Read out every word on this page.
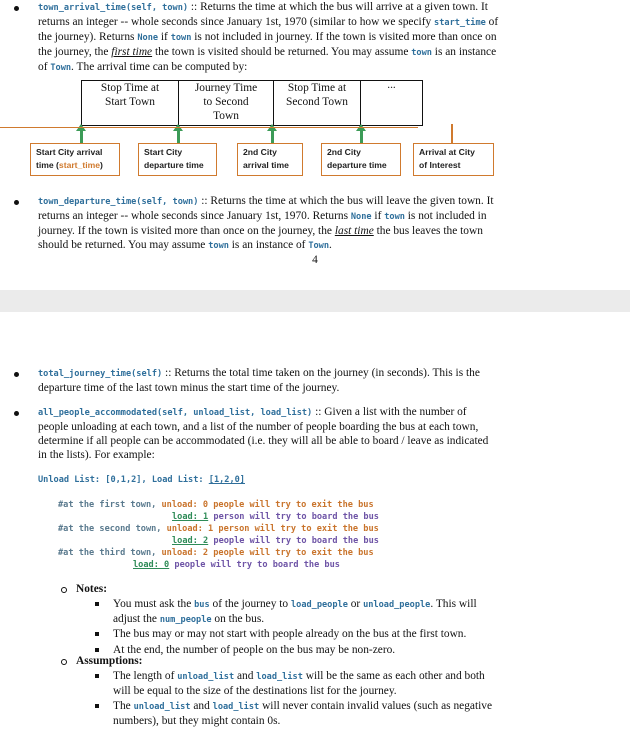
town_arrival_time(self, town) :: Returns the time at which the bus will arrive at a given town. It

returns an integer -- whole seconds since January 1st, 1970 (similar to how we specify start_time of

the journey). Returns None if town is not included in journey. If the town is visited more than once on

the journey, the first time the town is visited should be returned. You may assume town is an instance

of Town. The arrival time can be computed by:

Stop Time at
Start Town
Journey Time
to Second
Town
Stop Time at
Second Town
...
Start City arrival
time (start_time)
Start City
departure time
2nd City
arrival time
2nd City
departure time
Arrival at City
of Interest

town_departure_time(self, town) :: Returns the time at which the bus will leave the given town. It

returns an integer -- whole seconds since January 1st, 1970. Returns None if town is not included in

journey. If the town is visited more than once on the journey, the last time the bus leaves the town

should be returned. You may assume town is an instance of Town.

4

total_journey_time(self) :: Returns the total time taken on the journey (in seconds). This is the

departure time of the last town minus the start time of the journey.

all_people_accommodated(self, unload_list, load_list) :: Given a list with the number of

people unloading at each town, and a list of the number of people boarding the bus at each town,

determine if all people can be accommodated (i.e. they will all be able to board / leave as indicated

in the lists). For example:

Unload List: [0,1,2], Load List: [1,2,0]
#at the first town, unload: 0 people will try to exit the bus
load: 1 person will try to board the bus
#at the second town, unload: 1 person will try to exit the bus
load: 2 people will try to board the bus
#at the third town, unload: 2 people will try to exit the bus
load: 0 people will try to board the bus
Notes:

You must ask the bus of the journey to load_people or unload_people. This will

adjust the num_people on the bus.

The bus may or may not start with people already on the bus at the first town.

At the end, the number of people on the bus may be non-zero.

Assumptions:

The length of unload_list and load_list will be the same as each other and both

will be equal to the size of the destinations list for the journey.

The unload_list and load_list will never contain invalid values (such as negative

numbers), but they might contain 0s.
